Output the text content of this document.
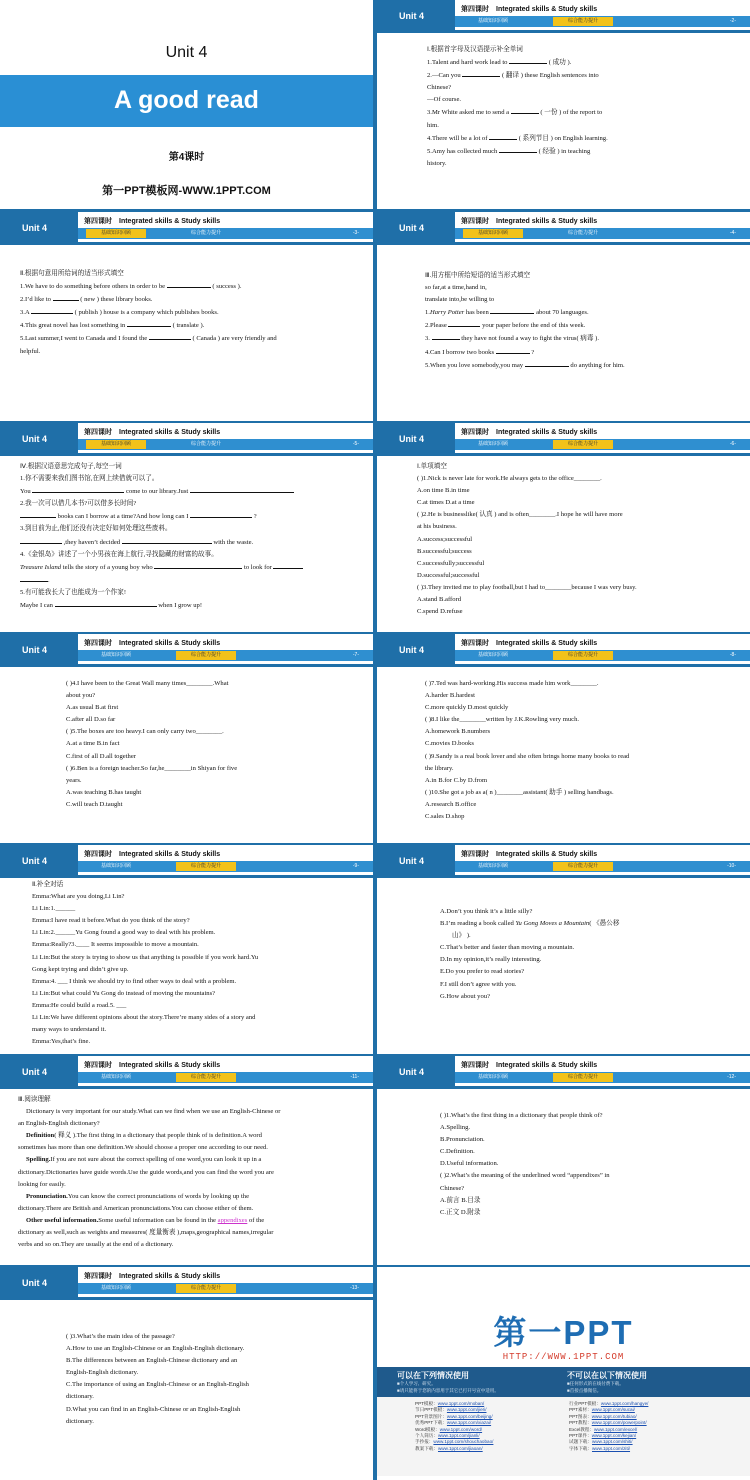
Unit 4
A good read
第4课时
第一PPT模板网-WWW.1PPT.COM
Unit 4
第四课时　 Integrated skills & Study skills
基础知识回顾	综合能力提升	-2-

Ⅰ.根据首字母及汉语提示补全单词

1.Talent and hard work lead to	( 成功 ).

2.—Can you	( 翻译 ) these English sentences into

Chinese?

—Of course.

3.Mr White asked me to send a	( 一份 ) of the report to

him.

4.There will be a lot of	( 系列节目 ) on English learning.

5.Amy has collected much	( 经验 ) in teaching

history.

Unit 4
第四课时　 Integrated skills & Study skills
基础知识回顾	综合能力提升	-3-

Ⅱ.根据句意用所给词的适当形式填空

1.We have to do something before others in order to be	( success ).

2.I’d like to	( new ) these library books.

3.A	( publish ) house is a company which publishes books.

4.This great novel has lost something in	( translate ).

5.Last summer,I went to Canada and I found the	( Canada ) are very friendly and

helpful.

Unit 4
第四课时　 Integrated skills & Study skills
基础知识回顾	综合能力提升	-4-

Ⅲ.用方框中所给短语的适当形式填空

so far,at a time,hand in,

translate into,be willing to

1.Harry Potter has been	about 70 languages.

2.Please	your paper before the end of this week.

3.	they have not found a way to fight the virus( 病毒 ).

4.Can I borrow two books	?

5.When you love somebody,you may	do anything for him.

Unit 4
第四课时　 Integrated skills & Study skills
基础知识回顾	综合能力提升	-5-

Ⅳ.根据汉语意思完成句子,每空一词

1.你不需要来我们图书馆,在网上续借就可以了。

You	come to our library.Just

2.我一次可以借几本书?可以借多长时间?

books can I borrow at a time?And how long can I	?

3.到目前为止,他们还没有决定好如何处理这些废料。

,they haven’t decided	with the waste.

4.《金银岛》讲述了一个小男孩在海上航行,寻找隐藏的财富的故事。

Treasure Island tells the story of a young boy who	to look for

.

5.有可能我长大了也能成为一个作家!

Maybe I can	when I grow up!

Unit 4
第四课时　 Integrated skills & Study skills
基础知识回顾	综合能力提升	-6-

Ⅰ.单项填空

( )1.Nick is never late for work.He always gets to the office________.

A.on time B.in time

C.at times D.at a time

( )2.He is businesslike( 认真 ) and is often________.I hope he will have more

at his business.

A.success;successful

B.successful;success

C.successfully;successful

D.successful;successful

( )3.They invited me to play football,but I had to________because I was very busy.

A.stand B.afford

C.spend D.refuse

Unit 4
第四课时　 Integrated skills & Study skills
基础知识回顾	综合能力提升	-7-

( )4.I have been to the Great Wall many times________.What

about you?

A.as usual B.at first

C.after all D.so far

( )5.The boxes are too heavy.I can only carry two________.

A.at a time B.in fact

C.first of all D.all together

( )6.Ben is a foreign teacher.So far,he________in Shiyan for five

years.

A.was teaching B.has taught

C.will teach D.taught

Unit 4
第四课时　 Integrated skills & Study skills
基础知识回顾	综合能力提升	-8-

( )7.Ted was hard-working.His success made him work________.

A.harder B.hardest

C.more quickly D.most quickly

( )8.I like the________written by J.K.Rowling very much.

A.homework B.numbers

C.movies D.books

( )9.Sandy is a real book lover and she often brings home many books to read

the library.

A.in B.for C.by D.from

( )10.She got a job as a( n )________assistant( 助手 ) selling handbags.

A.research B.office

C.sales D.shop

Unit 4
第四课时　 Integrated skills & Study skills
基础知识回顾	综合能力提升	-9-

Ⅱ.补全对话

Emma:What are you doing,Li Lin?

Li Lin:1.______

Emma:I have read it before.What do you think of the story?

Li Lin:2.______Yu Gong found a good way to deal with his problem.

Emma:Really?3.____ It seems impossible to move a mountain.

Li Lin:But the story is trying to show us that anything is possible if you work hard.Yu

Gong kept trying and didn’t give up.

Emma:4. ___ I think we should try to find other ways to deal with a problem.

Li Lin:But what could Yu Gong do instead of moving the mountains?

Emma:He could build a road.5. ___

Li Lin:We have different opinions about the story.There’re many sides of a story and

many ways to understand it.

Emma:Yes,that’s fine.

Unit 4
第四课时　 Integrated skills & Study skills
基础知识回顾	综合能力提升	-10-

A.Don’t you think it’s a little silly?

B.I’m reading a book called Yu Gong Moves a Mountain( 《愚公移

山》 ).

C.That’s better and faster than moving a mountain.

D.In my opinion,it’s really interesting.

E.Do you prefer to read stories?

F.I still don’t agree with you.

G.How about you?

Unit 4
第四课时　 Integrated skills & Study skills
基础知识回顾	综合能力提升	-11-

Ⅲ.阅读理解

Dictionary is very important for our study.What can we find when we use an English-Chinese or

an English-English dictionary?

Definition( 释义 ).The first thing in a dictionary that people think of is definition.A word

sometimes has more than one definition.We should choose a proper one according to our need.

Spelling.If you are not sure about the correct spelling of one word,you can look it up in a

dictionary.Dictionaries have guide words.Use the guide words,and you can find the word you are

looking for easily.

Pronunciation.You can know the correct pronunciations of words by looking up the

dictionary.There are British and American pronunciations.You can choose either of them.

Other useful information.Some useful information can be found in the appendixes of the

dictionary as well,such as weights and measures( 度量衡表 ),maps,geographical names,irregular

verbs and so on.They are usually at the end of a dictionary.

Unit 4
第四课时　 Integrated skills & Study skills
基础知识回顾	综合能力提升	-12-

( )1.What’s the first thing in a dictionary that people think of?

A.Spelling.

B.Pronunciation.

C.Definition.

D.Useful information.

( )2.What’s the meaning of the underlined word “appendixes” in

Chinese?

A.前言 B.目录

C.正文 D.附录

Unit 4
第四课时　 Integrated skills & Study skills
基础知识回顾	综合能力提升	-13-

( )3.What’s the main idea of the passage?

A.How to use an English-Chinese or an English-English dictionary.

B.The differences between an English-Chinese dictionary and an

English-English dictionary.

C.The importance of using an English-Chinese or an English-English

dictionary.

D.What you can find in an English-Chinese or an English-English

dictionary.

第一PPT
HTTP://WWW.1PPT.COM
可以在下列情况使用
■个人学习、研究。
■请只能将于您的内容用于其它已打开号宣中适用。
不可以在以下情况使用
■任何形式的在线付费下载。
■首接点播微信。
PPT模板：www.1ppt.com/moban/
节日PPT模板：www.1ppt.com/jieri/
PPT背景图片：www.1ppt.com/beijing/
优秀PPT下载：www.1ppt.com/xiazai/
Word模板：www.1ppt.com/word/
个人简历：www.1ppt.com/jianli/
手抄报：www.1ppt.com/shouchaobao/
教案下载：www.1ppt.com/jiaoan/
行业PPT模板：www.1ppt.com/hangye/
PPT素材：www.1ppt.com/sucai/
PPT图表：www.1ppt.com/tubiao/
PPT教程：www.1ppt.com/powerpoint/
Excel教程：www.1ppt.com/excel/
PPT课件：www.1ppt.com/kejian/
试题下载：www.1ppt.com/shiti/
字体下载：www.1ppt.com/ziti/
